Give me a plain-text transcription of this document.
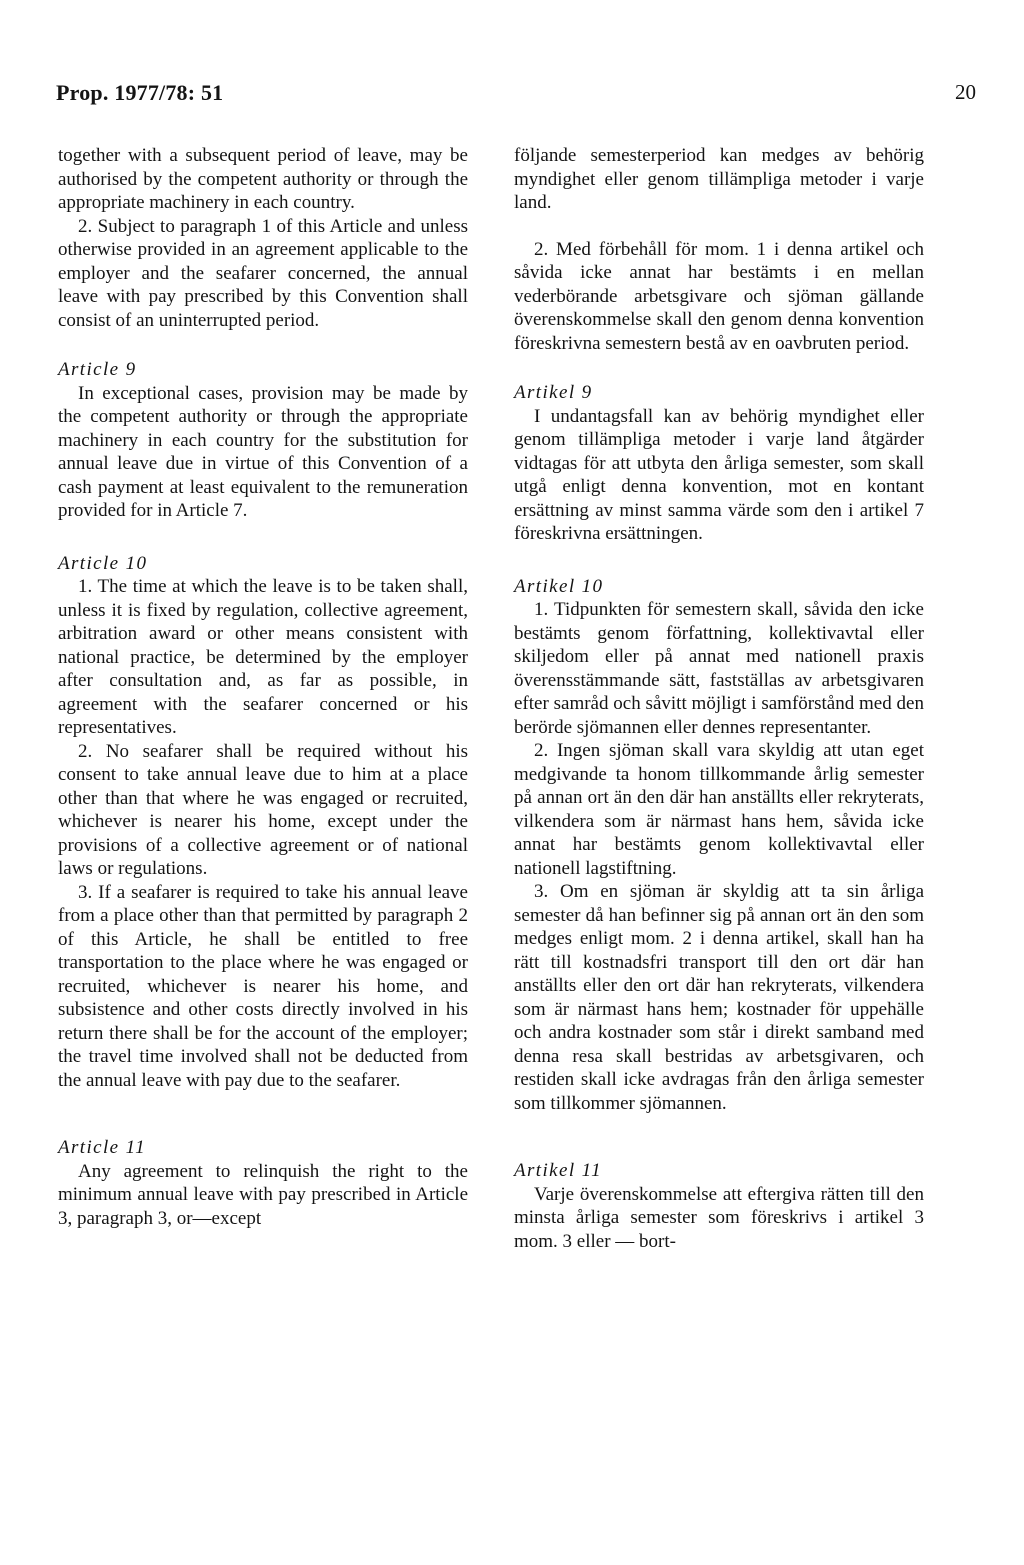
Prop. 1977/78: 51	20

together with a subsequent period of leave, may be authorised by the competent authority or through the appropriate machinery in each country.

2. Subject to paragraph 1 of this Article and unless otherwise provided in an agreement applicable to the employer and the seafarer concerned, the annual leave with pay prescribed by this Convention shall consist of an uninterrupted period.

Article 9

In exceptional cases, provision may be made by the competent authority or through the appropriate machinery in each country for the substitution for annual leave due in virtue of this Convention of a cash payment at least equivalent to the remuneration provided for in Article 7.

Article 10

1. The time at which the leave is to be taken shall, unless it is fixed by regulation, collective agreement, arbitration award or other means consistent with national practice, be determined by the employer after consultation and, as far as possible, in agreement with the seafarer concerned or his representatives.

2. No seafarer shall be required without his consent to take annual leave due to him at a place other than that where he was engaged or recruited, whichever is nearer his home, except under the provisions of a collective agreement or of national laws or regulations.

3. If a seafarer is required to take his annual leave from a place other than that permitted by paragraph 2 of this Article, he shall be entitled to free transportation to the place where he was engaged or recruited, whichever is nearer his home, and subsistence and other costs directly involved in his return there shall be for the account of the employer; the travel time involved shall not be deducted from the annual leave with pay due to the seafarer.

Article 11

Any agreement to relinquish the right to the minimum annual leave with pay prescribed in Article 3, paragraph 3, or—except

följande semesterperiod kan medges av behörig myndighet eller genom tillämpliga metoder i varje land.

2. Med förbehåll för mom. 1 i denna artikel och såvida icke annat har bestämts i en mellan vederbörande arbetsgivare och sjöman gällande överenskommelse skall den genom denna konvention föreskrivna semestern bestå av en oavbruten period.

Artikel 9

I undantagsfall kan av behörig myndighet eller genom tillämpliga metoder i varje land åtgärder vidtagas för att utbyta den årliga semester, som skall utgå enligt denna konvention, mot en kontant ersättning av minst samma värde som den i artikel 7 föreskrivna ersättningen.

Artikel 10

1. Tidpunkten för semestern skall, såvida den icke bestämts genom författning, kollektivavtal eller skiljedom eller på annat med nationell praxis överensstämmande sätt, fastställas av arbetsgivaren efter samråd och såvitt möjligt i samförstånd med den berörde sjömannen eller dennes representanter.

2. Ingen sjöman skall vara skyldig att utan eget medgivande ta honom tillkommande årlig semester på annan ort än den där han anställts eller rekryterats, vilkendera som är närmast hans hem, såvida icke annat har bestämts genom kollektivavtal eller nationell lagstiftning.

3. Om en sjöman är skyldig att ta sin årliga semester då han befinner sig på annan ort än den som medges enligt mom. 2 i denna artikel, skall han ha rätt till kostnadsfri transport till den ort där han anställts eller den ort där han rekryterats, vilkendera som är närmast hans hem; kostnader för uppehälle och andra kostnader som står i direkt samband med denna resa skall bestridas av arbetsgivaren, och restiden skall icke avdragas från den årliga semester som tillkommer sjömannen.

Artikel 11

Varje överenskommelse att eftergiva rätten till den minsta årliga semester som föreskrivs i artikel 3 mom. 3 eller — bort-
